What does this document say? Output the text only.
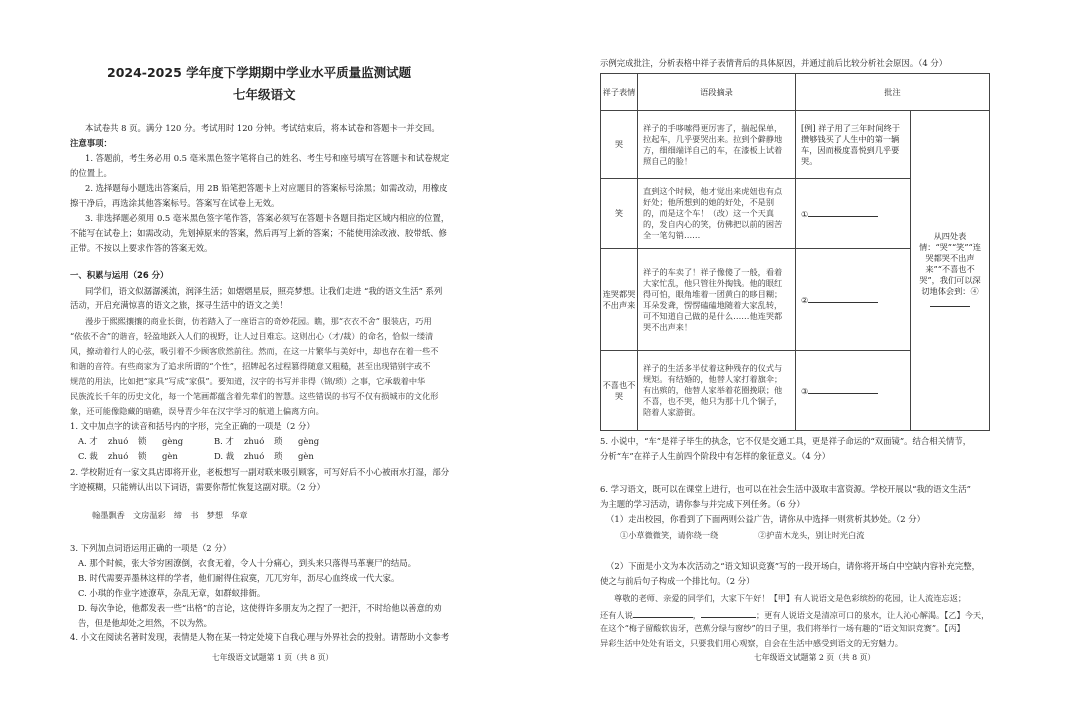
2024-2025 学年度下学期期中学业水平质量监测试题
七年级语文
本试卷共 8 页。满分 120 分。考试用时 120 分钟。考试结束后，将本试卷和答题卡一并交回。
注意事项：
1. 答题前，考生务必用 0.5 毫米黑色签字笔将自己的姓名、考生号和座号填写在答题卡和试卷规定
的位置上。
2. 选择题每小题选出答案后，用 2B 铅笔把答题卡上对应题目的答案标号涂黑；如需改动，用橡皮
擦干净后，再选涂其他答案标号。答案写在试卷上无效。
3. 非选择题必须用 0.5 毫米黑色签字笔作答，答案必须写在答题卡各题目指定区域内相应的位置，
不能写在试卷上；如需改动，先划掉原来的答案，然后再写上新的答案；不能使用涂改液、胶带纸、修
正带。不按以上要求作答的答案无效。
一、积累与运用（26 分）
同学们，语文似潺潺溪流，润泽生活；如熠熠星辰，照亮梦想。让我们走进 “我的语文生活” 系列
活动，开启充满惊喜的语文之旅，探寻生活中的语文之美！
漫步于熙熙攘攘的商业长街，仿若踏入了一座语言的奇妙花园。瞧，那“衣衣不舍” 服装店，巧用
“依依不舍”的谐音，轻盈地跃入人们的视野，让人过目难忘。这则出心（才/裁）的命名，恰似一缕清
风，撩动着行人的心弦，吸引着不少顾客欣然前往。然而，在这一片繁华与美好中，却也存在着一些不
和谐的音符。有些商家为了追求所谓的“个性”，招牌起名过程篡得随意又粗糙，甚至出现错别字或不
规范的用法，比如把“家具”写成“家俱”。要知道，汉字的书写并非得（锦/琐）之事，它承载着中华
民族流长千年的历史文化，每一个笔画都蕴含着先辈们的智慧。这些错误的书写不仅有损城市的文化形
象，还可能像隐藏的暗礁，误导青少年在汉字学习的航道上偏离方向。
1. 文中加点字的读音和括号内的字形，完全正确的一项是（2 分）
A. 才 zhuó 锁 gèng	B. 才 zhuó 琐 gèng
C. 裁 zhuó 锁 gèn	D. 裁 zhuó 琐 gèn
2. 学校附近有一家文具店即将开业，老板想写一副对联来吸引顾客，可写好后不小心被雨水打湿，部分
字迹模糊，只能辨认出以下词语，需要你帮忙恢复这副对联。（2 分）
翰墨飘香　文房温彩　缔　书　梦想　华章
3. 下列加点词语运用正确的一项是（2 分）
A. 那个时候，张大爷穷困潦倒，衣食无着，令人十分痛心，到头来只落得马革裹尸的结局。
B. 时代需要弄墨林这样的学者，他们耐得住寂寞，兀兀穷年，沥尽心血终成一代大家。
C. 小琪的作业字迹潦草，杂乱无章，如群蚁排衙。
D. 每次争论，他都发表一些“出格”的言论，这使得许多朋友为之捏了一把汗，不时给他以善意的劝
告，但是他却处之坦然，不以为然。
4. 小文在阅读名著时发现，表情是人物在某一特定处境下自我心理与外界社会的投射。请帮助小文参考
七年级语文试题第 1 页（共 8 页）
示例完成批注，分析表格中祥子表情背后的具体原因，并通过前后比较分析社会原因。（4 分）
祥子表情	语段摘录	批注	
哭	祥子的手哆嗦得更厉害了，揣起保单，拉起车，几乎要哭出来。拉到个僻静地方，细细端详自己的车，在漆板上试着照自己的脸！	[例] 祥子用了三年时间终于攒够钱买了人生中的第一辆车，因而极度喜悦到几乎要哭。	从四处表情：“哭”“笑”“连哭都哭不出声来”“不喜也不哭”，我们可以深切地体会到：④

笑	直到这个时候，他才觉出来虎妞也有点好处；他所想到的她的好处，不是别的，而是这个车！（改）这一个天真的，发自内心的笑，仿佛把以前的困苦全一笔勾销……	①	
连哭都哭不出声来	祥子的车卖了！祥子像傻了一般，看着大家忙乱，他只管往外掏钱。他的眼红得可怕，眼角堆着一团黄白的眵目糊；耳朵发聋，愣愣磕磕地随着大家乱转，可不知道自己做的是什么……他连哭都哭不出声来！	②	
不喜也不哭	祥子的生活多半仗着这种残存的仪式与规矩。有结婚的，他替人家打着旗伞；有出殡的，他替人家举着花圈挽联；他不喜，也不哭，他只为那十几个铜子，陪着人家游街。	③	
5. 小说中，“车”是祥子毕生的执念，它不仅是交通工具，更是祥子命运的“双面镜”。结合相关情节，
分析“车”在祥子人生前四个阶段中有怎样的象征意义。（4 分）
6. 学习语文，既可以在课堂上进行，也可以在社会生活中汲取丰富资源。学校开展以“我的语文生活”
为主题的学习活动，请你参与并完成下列任务。（6 分）
（1）走出校园，你看到了下面两则公益广告，请你从中选择一则赏析其妙处。（2 分）
①小草微微笑，请你绕一绕	②护苗木龙头，别让时光白流
（2）下面是小文为本次活动之“语文知识竞赛”写的一段开场白，请你将开场白中空缺内容补充完整，
使之与前后句子构成一个排比句。（2 分）
尊敬的老师、亲爱的同学们，大家下午好！【甲】有人说语文是色彩缤纷的花园，让人流连忘返；
还有人说	，	；更有人说语文是清凉可口的泉水，让人沁心解渴。【乙】今天，
在这个“梅子留酸软齿牙，芭蕉分绿与窗纱”的日子里，我们将举行一场有趣的“语文知识竞赛”。【丙】
异彩生活中处处有语文，只要我们用心观察，自会在生活中感受到语文的无穷魅力。
七年级语文试题第 2 页（共 8 页）
